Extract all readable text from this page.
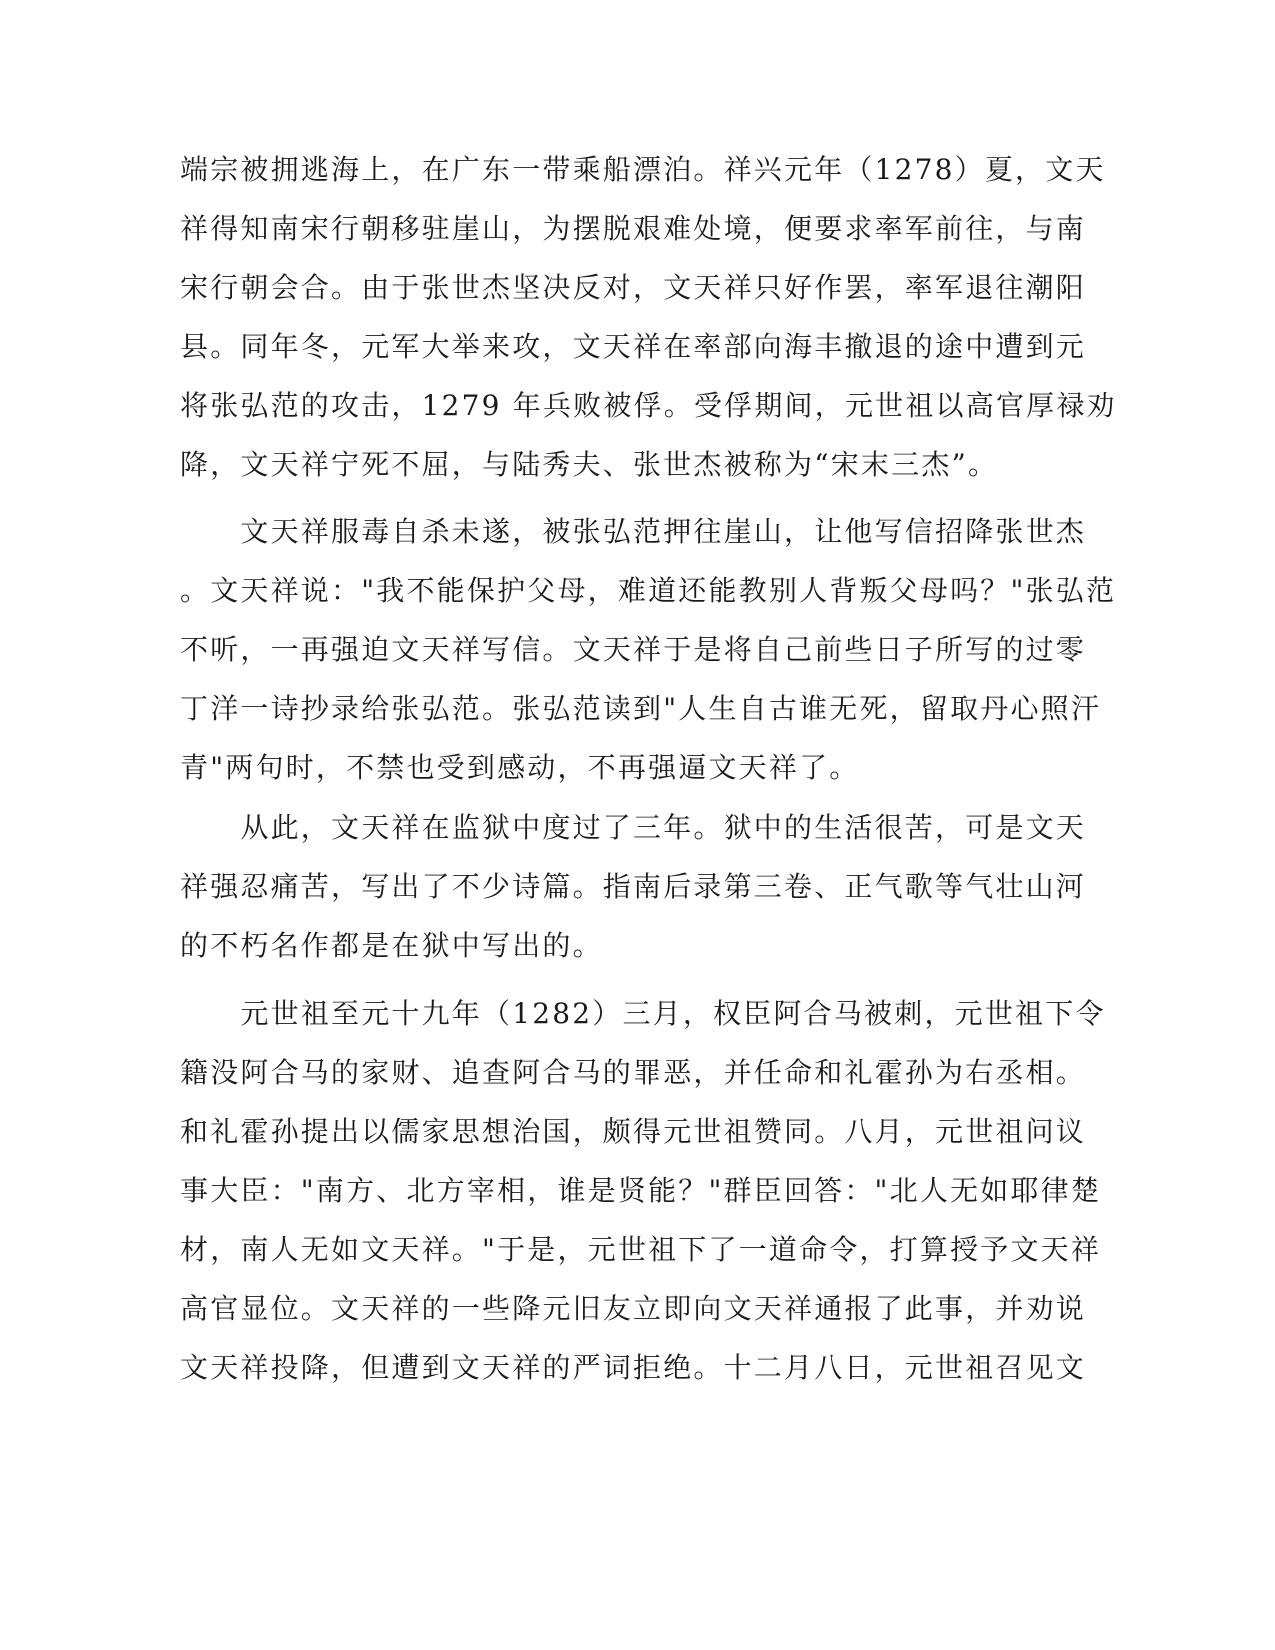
端宗被拥逃海上，在广东一带乘船漂泊。祥兴元年（1278）夏，文天
祥得知南宋行朝移驻崖山，为摆脱艰难处境，便要求率军前往，与南
宋行朝会合。由于张世杰坚决反对，文天祥只好作罢，率军退往潮阳
县。同年冬，元军大举来攻，文天祥在率部向海丰撤退的途中遭到元
将张弘范的攻击，1279 年兵败被俘。受俘期间，元世祖以高官厚禄劝
降，文天祥宁死不屈，与陆秀夫、张世杰被称为“宋末三杰”。
　　文天祥服毒自杀未遂，被张弘范押往崖山，让他写信招降张世杰
。文天祥说："我不能保护父母，难道还能教别人背叛父母吗？"张弘范
不听，一再强迫文天祥写信。文天祥于是将自己前些日子所写的过零
丁洋一诗抄录给张弘范。张弘范读到"人生自古谁无死，留取丹心照汗
青"两句时，不禁也受到感动，不再强逼文天祥了。
　　从此，文天祥在监狱中度过了三年。狱中的生活很苦，可是文天
祥强忍痛苦，写出了不少诗篇。指南后录第三卷、正气歌等气壮山河
的不朽名作都是在狱中写出的。
　　元世祖至元十九年（1282）三月，权臣阿合马被刺，元世祖下令
籍没阿合马的家财、追查阿合马的罪恶，并任命和礼霍孙为右丞相。
和礼霍孙提出以儒家思想治国，颇得元世祖赞同。八月，元世祖问议
事大臣："南方、北方宰相，谁是贤能？"群臣回答："北人无如耶律楚
材，南人无如文天祥。"于是，元世祖下了一道命令，打算授予文天祥
高官显位。文天祥的一些降元旧友立即向文天祥通报了此事，并劝说
文天祥投降，但遭到文天祥的严词拒绝。十二月八日，元世祖召见文
